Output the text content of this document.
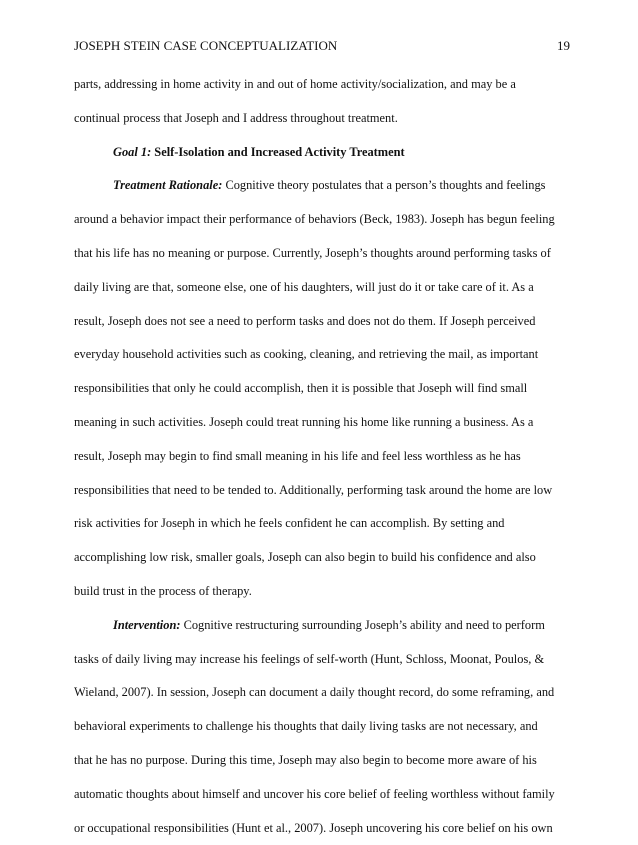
JOSEPH STEIN CASE CONCEPTUALIZATION	19
parts, addressing in home activity in and out of home activity/socialization, and may be a
continual process that Joseph and I address throughout treatment.
Goal 1: Self-Isolation and Increased Activity Treatment
Treatment Rationale: Cognitive theory postulates that a person’s thoughts and feelings
around a behavior impact their performance of behaviors (Beck, 1983). Joseph has begun feeling
that his life has no meaning or purpose. Currently, Joseph’s thoughts around performing tasks of
daily living are that, someone else, one of his daughters, will just do it or take care of it. As a
result, Joseph does not see a need to perform tasks and does not do them. If Joseph perceived
everyday household activities such as cooking, cleaning, and retrieving the mail, as important
responsibilities that only he could accomplish, then it is possible that Joseph will find small
meaning in such activities. Joseph could treat running his home like running a business. As a
result, Joseph may begin to find small meaning in his life and feel less worthless as he has
responsibilities that need to be tended to. Additionally, performing task around the home are low
risk activities for Joseph in which he feels confident he can accomplish. By setting and
accomplishing low risk, smaller goals, Joseph can also begin to build his confidence and also
build trust in the process of therapy.
Intervention: Cognitive restructuring surrounding Joseph’s ability and need to perform
tasks of daily living may increase his feelings of self-worth (Hunt, Schloss, Moonat, Poulos, &
Wieland, 2007). In session, Joseph can document a daily thought record, do some reframing, and
behavioral experiments to challenge his thoughts that daily living tasks are not necessary, and
that he has no purpose. During this time, Joseph may also begin to become more aware of his
automatic thoughts about himself and uncover his core belief of feeling worthless without family
or occupational responsibilities (Hunt et al., 2007). Joseph uncovering his core belief on his own
